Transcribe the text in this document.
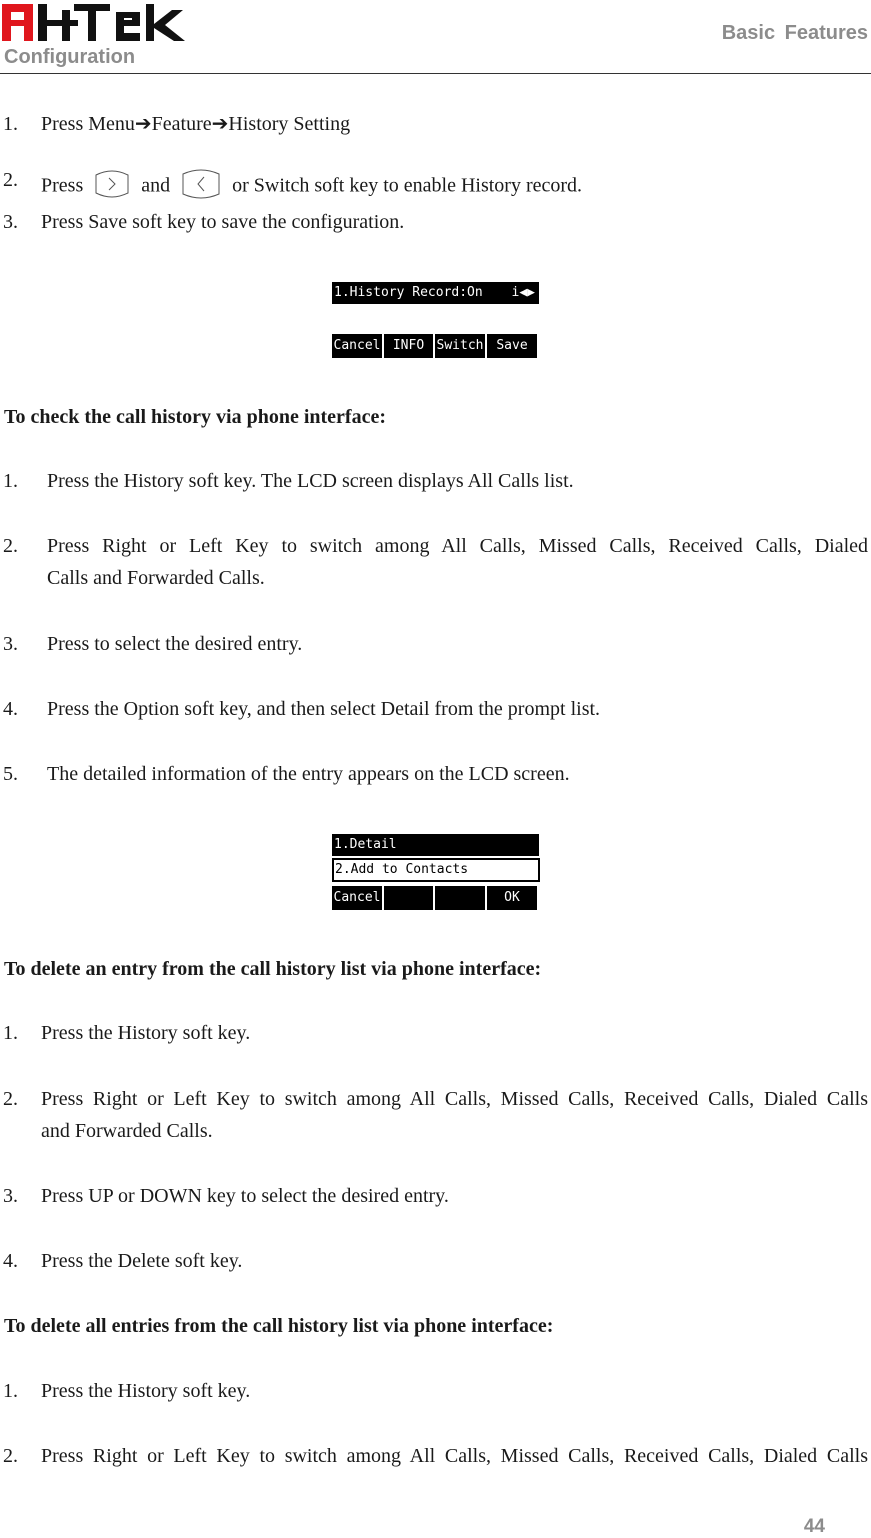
Basic Features
Configuration
1. Press Menu➔Feature➔History Setting
2. Press	and	or Switch soft key to enable History record.
3. Press Save soft key to save the configuration.
1.History Record:On i◀▶
Cancel INFO Switch Save
To check the call history via phone interface:
1. Press the History soft key. The LCD screen displays All Calls list.
2. Press Right or Left Key to switch among All Calls, Missed Calls, Received Calls, Dialed
Calls and Forwarded Calls.
3. Press to select the desired entry.
4. Press the Option soft key, and then select Detail from the prompt list.
5. The detailed information of the entry appears on the LCD screen.
1.Detail
2.Add to Contacts
Cancel	OK
To delete an entry from the call history list via phone interface:
1. Press the History soft key.
2. Press Right or Left Key to switch among All Calls, Missed Calls, Received Calls, Dialed Calls
and Forwarded Calls.
3. Press UP or DOWN key to select the desired entry.
4. Press the Delete soft key.
To delete all entries from the call history list via phone interface:
1. Press the History soft key.
2. Press Right or Left Key to switch among All Calls, Missed Calls, Received Calls, Dialed Calls
44
